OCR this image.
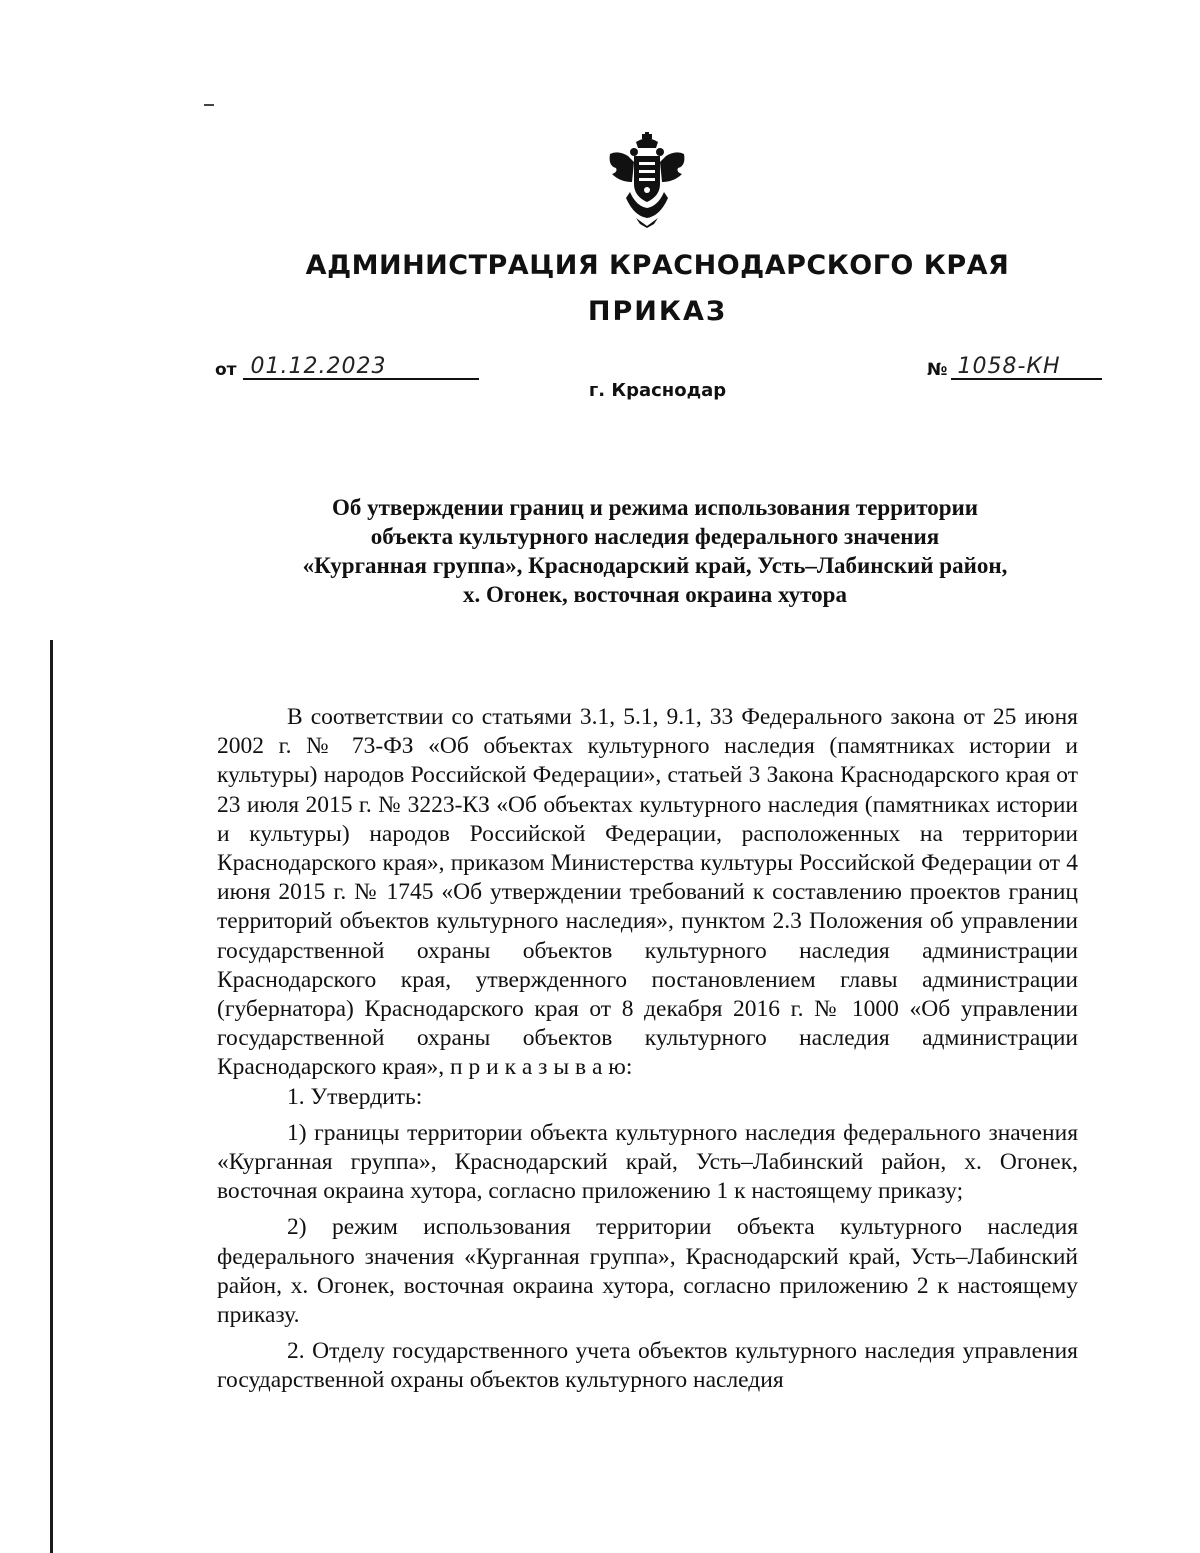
АДМИНИСТРАЦИЯ КРАСНОДАРСКОГО КРАЯ
ПРИКАЗ
от 01.12.2023	№ 1058-КН
г. Краснодар
Об утверждении границ и режима использования территории
объекта культурного наследия федерального значения
«Курганная группа», Краснодарский край, Усть–Лабинский район,
х. Огонек, восточная окраина хутора

В соответствии со статьями 3.1, 5.1, 9.1, 33 Федерального закона от 25 июня 2002 г. № 73-ФЗ «Об объектах культурного наследия (памятниках истории и культуры) народов Российской Федерации», статьей 3 Закона Краснодарского края от 23 июля 2015 г. № 3223-КЗ «Об объектах культурного наследия (памятниках истории и культуры) народов Российской Федерации, расположенных на территории Краснодарского края», приказом Министерства культуры Российской Федерации от 4 июня 2015 г. № 1745 «Об утверждении требований к составлению проектов границ территорий объектов культурного наследия», пунктом 2.3 Положения об управлении государственной охраны объектов культурного наследия администрации Краснодарского края, утвержденного постановлением главы администрации (губернатора) Краснодарского края от 8 декабря 2016 г. № 1000 «Об управлении государственной охраны объектов культурного наследия администрации Краснодарского края», п р и к а з ы в а ю:

1. Утвердить:

1) границы территории объекта культурного наследия федерального значения «Курганная группа», Краснодарский край, Усть–Лабинский район, х. Огонек, восточная окраина хутора, согласно приложению 1 к настоящему приказу;

2) режим использования территории объекта культурного наследия федерального значения «Курганная группа», Краснодарский край, Усть–Лабинский район, х. Огонек, восточная окраина хутора, согласно приложению 2 к настоящему приказу.

2. Отделу государственного учета объектов культурного наследия управления государственной охраны объектов культурного наследия
